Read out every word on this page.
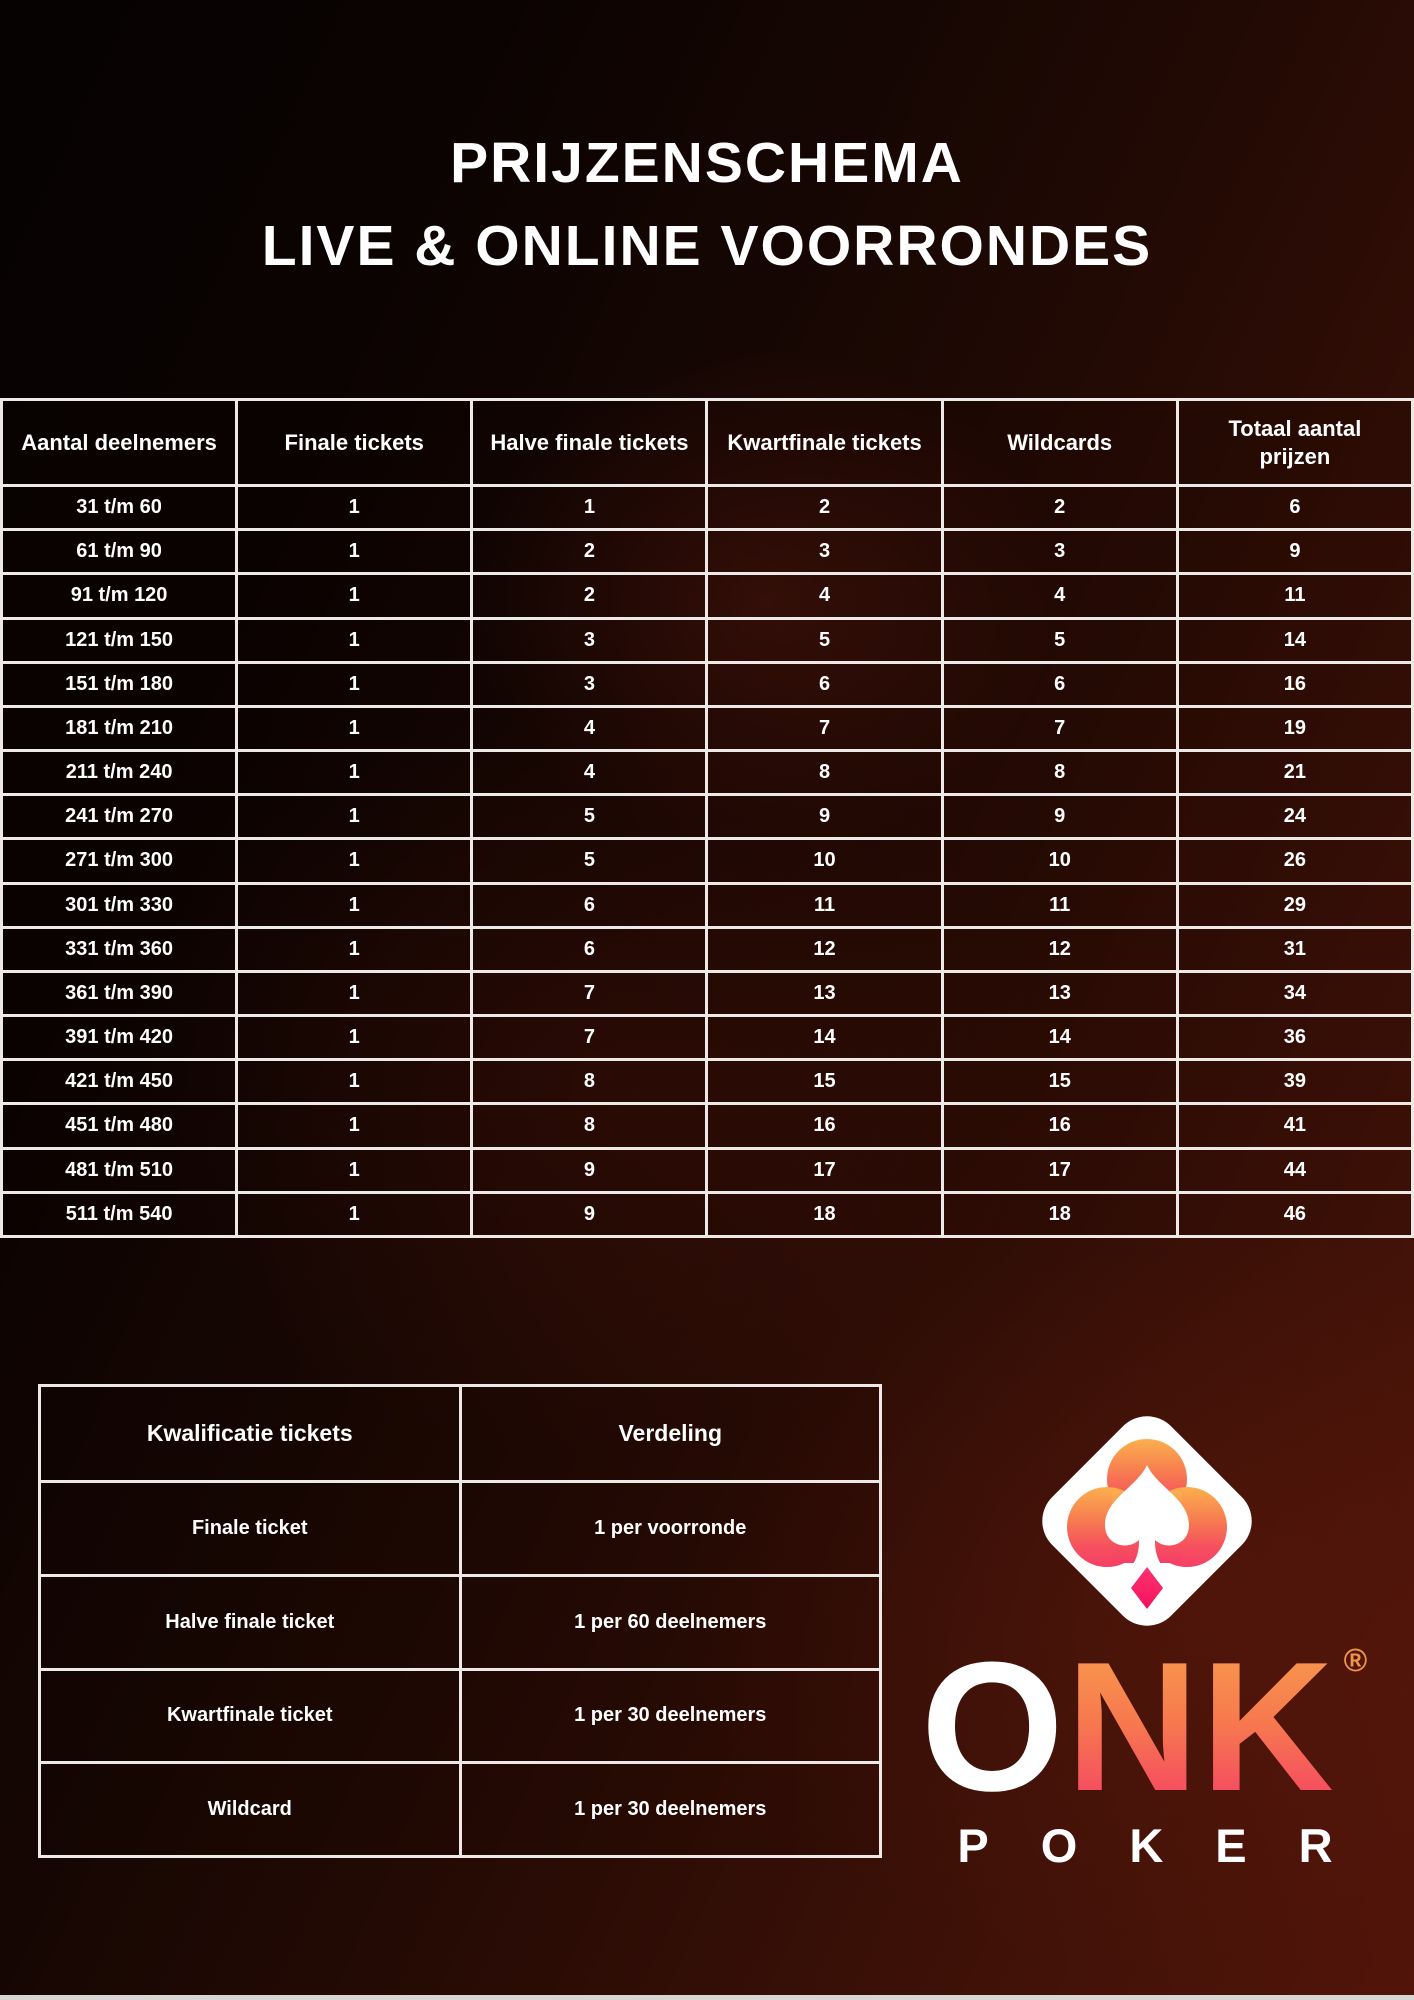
PRIJZENSCHEMA
LIVE & ONLINE VOORRONDES
Aantal deelnemers	Finale tickets	Halve finale tickets	Kwartfinale tickets	Wildcards	Totaal aantal prijzen
31 t/m 60	1	1	2	2	6
61 t/m 90	1	2	3	3	9
91 t/m 120	1	2	4	4	11
121 t/m 150	1	3	5	5	14
151 t/m 180	1	3	6	6	16
181 t/m 210	1	4	7	7	19
211 t/m 240	1	4	8	8	21
241 t/m 270	1	5	9	9	24
271 t/m 300	1	5	10	10	26
301 t/m 330	1	6	11	11	29
331 t/m 360	1	6	12	12	31
361 t/m 390	1	7	13	13	34
391 t/m 420	1	7	14	14	36
421 t/m 450	1	8	15	15	39
451 t/m 480	1	8	16	16	41
481 t/m 510	1	9	17	17	44
511 t/m 540	1	9	18	18	46
Kwalificatie tickets	Verdeling
Finale ticket	1 per voorronde
Halve finale ticket	1 per 60 deelnemers
Kwartfinale ticket	1 per 30 deelnemers
Wildcard	1 per 30 deelnemers ONK ®
POKER
